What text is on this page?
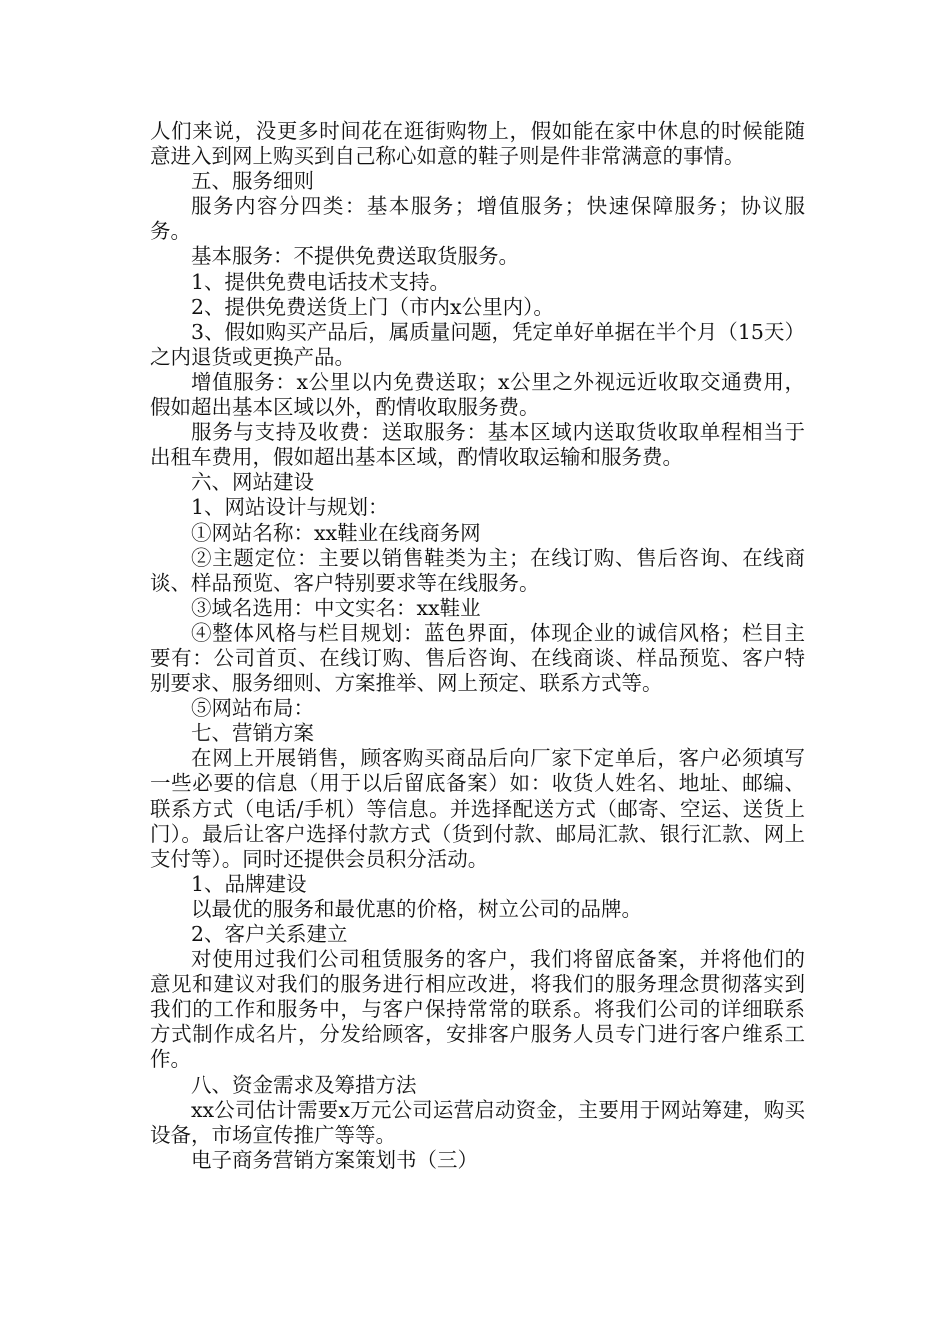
人们来说，没更多时间花在逛街购物上，假如能在家中休息的时候能随意进入到网上购买到自己称心如意的鞋子则是件非常满意的事情。

五、服务细则

服务内容分四类：基本服务；增值服务；快速保障服务；协议服务。

基本服务：不提供免费送取货服务。

1、提供免费电话技术支持。

2、提供免费送货上门（市内x公里内）。

3、假如购买产品后，属质量问题，凭定单好单据在半个月（15天）之内退货或更换产品。

增值服务：x公里以内免费送取；x公里之外视远近收取交通费用，假如超出基本区域以外，酌情收取服务费。

服务与支持及收费：送取服务：基本区域内送取货收取单程相当于出租车费用，假如超出基本区域，酌情收取运输和服务费。

六、网站建设

1、网站设计与规划：

①网站名称：xx鞋业在线商务网

②主题定位：主要以销售鞋类为主；在线订购、售后咨询、在线商谈、样品预览、客户特别要求等在线服务。

③域名选用：中文实名：xx鞋业

④整体风格与栏目规划：蓝色界面，体现企业的诚信风格；栏目主要有：公司首页、在线订购、售后咨询、在线商谈、样品预览、客户特别要求、服务细则、方案推举、网上预定、联系方式等。

⑤网站布局：

七、营销方案

在网上开展销售，顾客购买商品后向厂家下定单后，客户必须填写一些必要的信息（用于以后留底备案）如：收货人姓名、地址、邮编、联系方式（电话/手机）等信息。并选择配送方式（邮寄、空运、送货上门）。最后让客户选择付款方式（货到付款、邮局汇款、银行汇款、网上支付等）。同时还提供会员积分活动。

1、品牌建设

以最优的服务和最优惠的价格，树立公司的品牌。

2、客户关系建立

对使用过我们公司租赁服务的客户，我们将留底备案，并将他们的意见和建议对我们的服务进行相应改进，将我们的服务理念贯彻落实到我们的工作和服务中，与客户保持常常的联系。将我们公司的详细联系方式制作成名片，分发给顾客，安排客户服务人员专门进行客户维系工作。

八、资金需求及筹措方法

xx公司估计需要x万元公司运营启动资金，主要用于网站筹建，购买设备，市场宣传推广等等。

电子商务营销方案策划书（三）
